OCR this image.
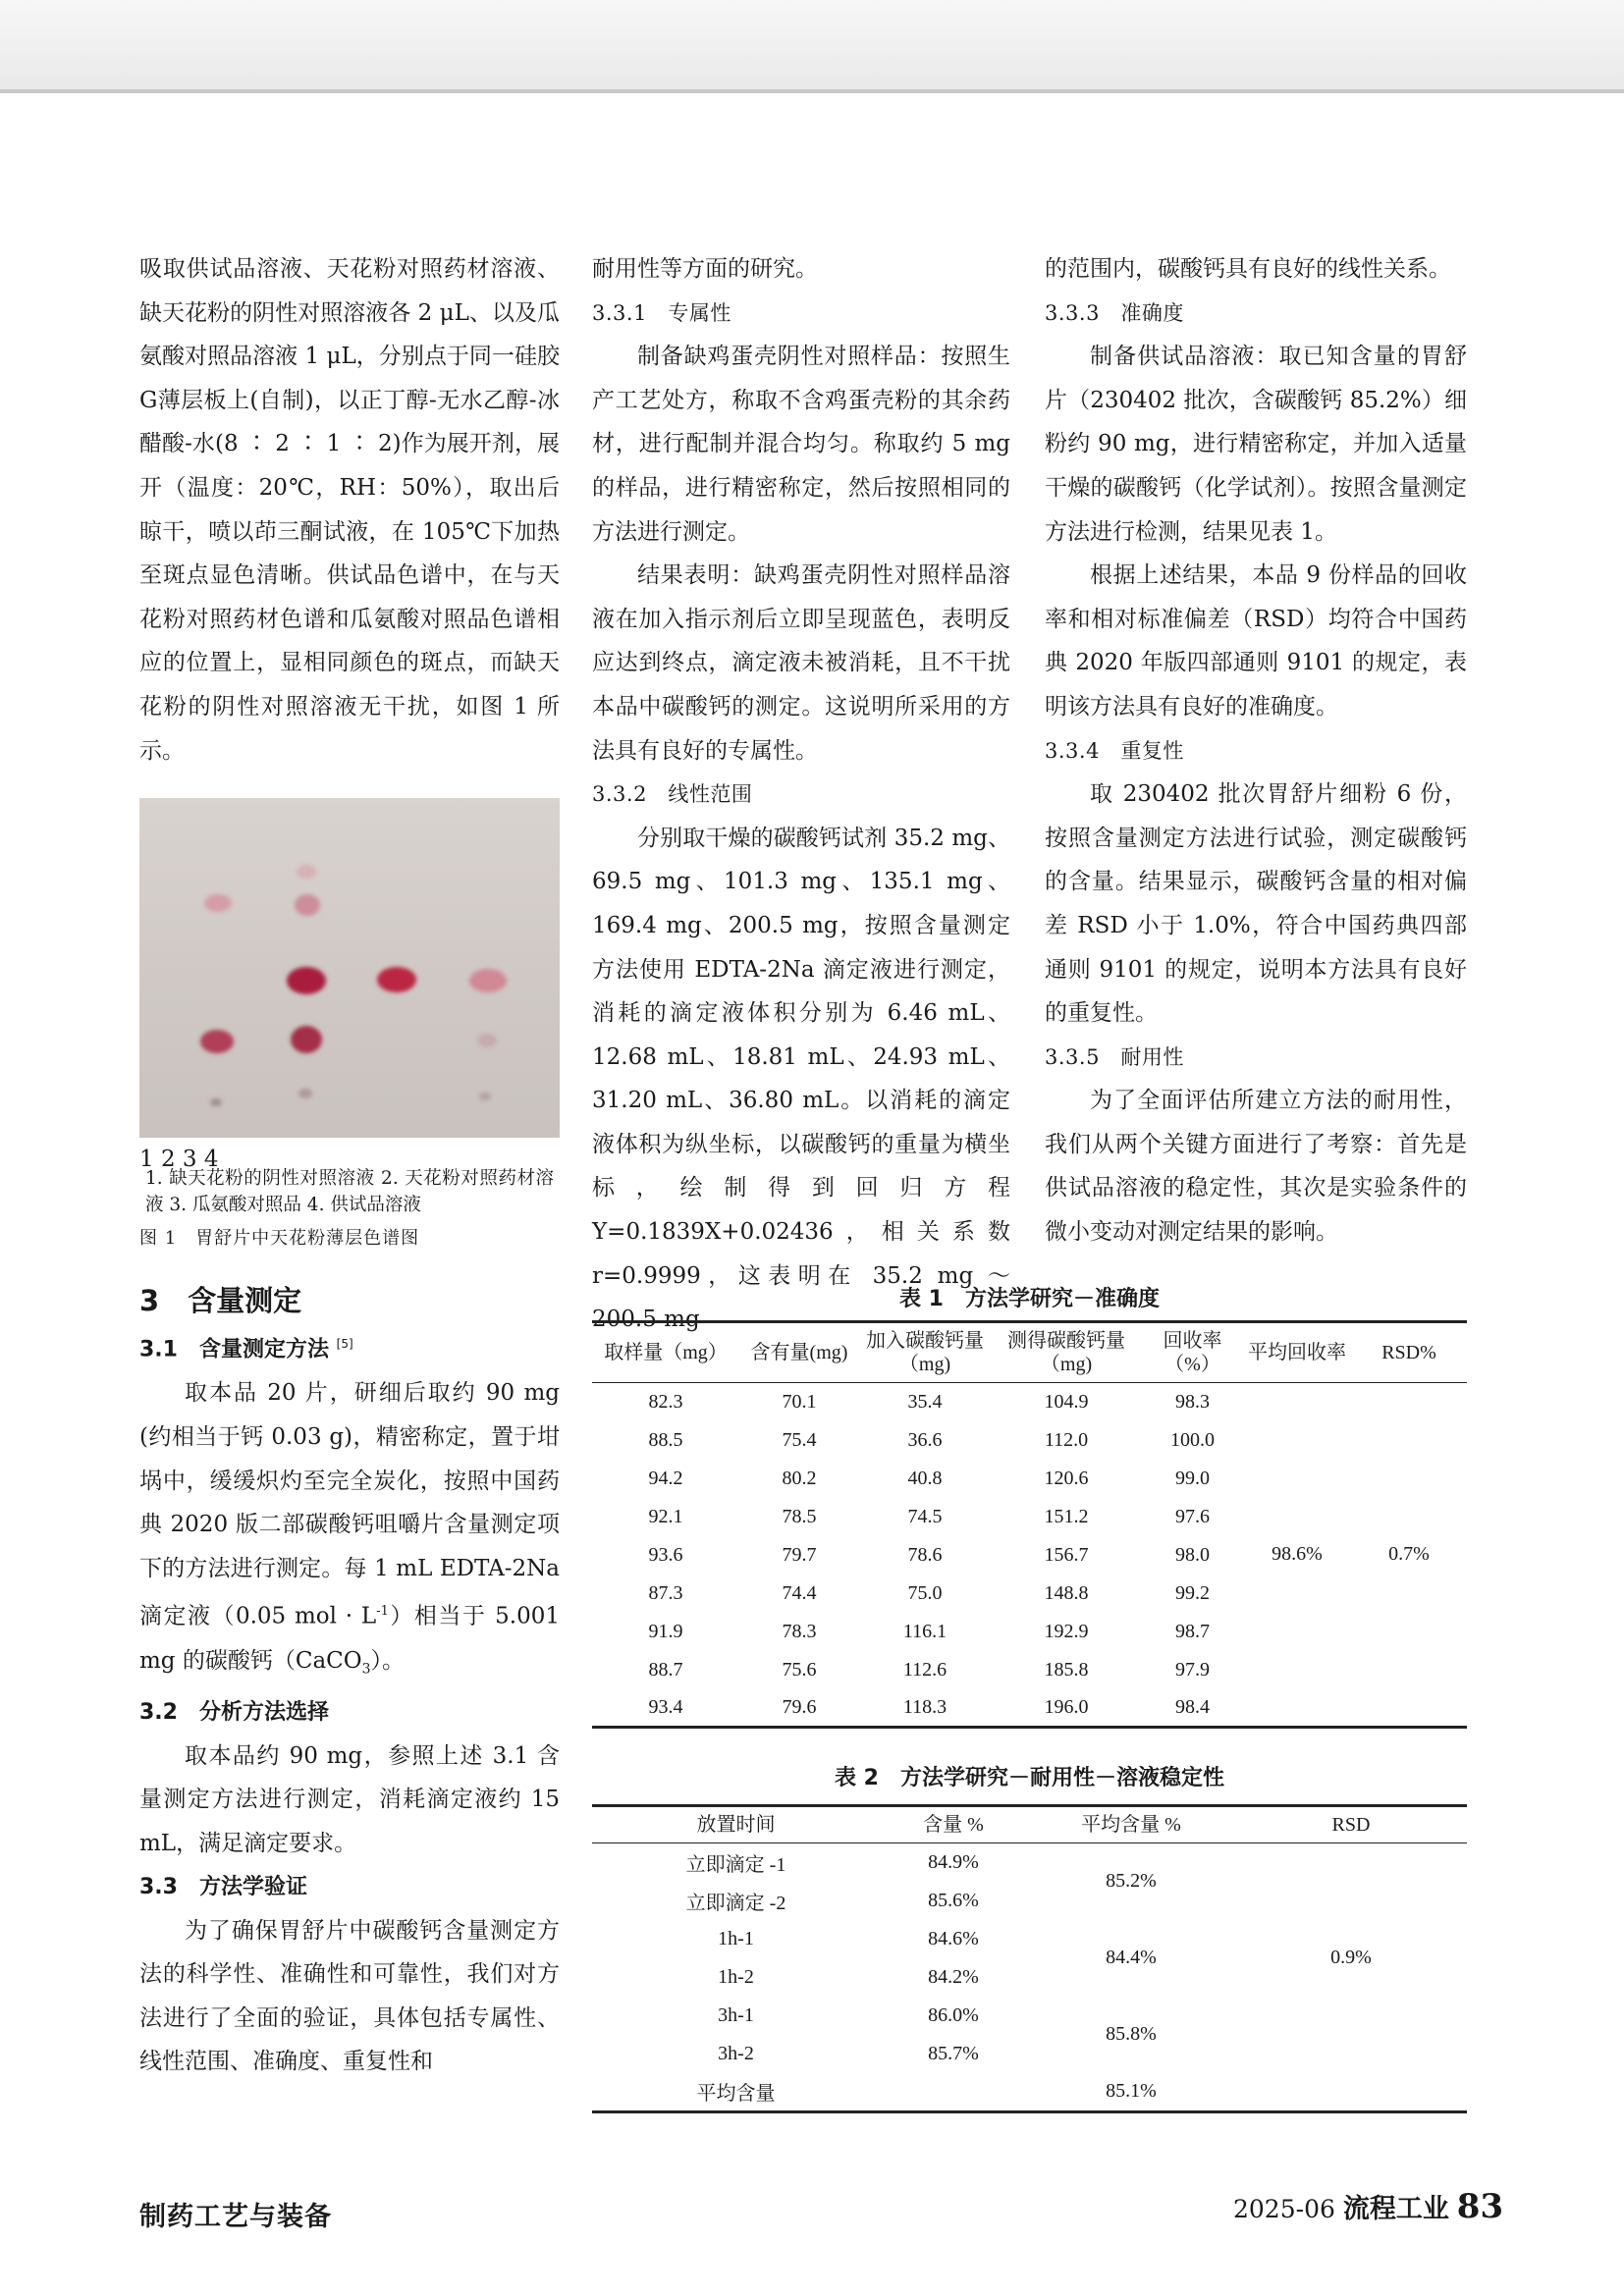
吸取供试品溶液、天花粉对照药材溶液、缺天花粉的阴性对照溶液各 2 μL、以及瓜氨酸对照品溶液 1 μL，分别点于同一硅胶G薄层板上(自制)，以正丁醇-无水乙醇-冰醋酸-水(8 ∶ 2 ∶ 1 ∶ 2)作为展开剂，展开（温度：20℃，RH：50%），取出后晾干，喷以茚三酮试液，在 105℃下加热至斑点显色清晰。供试品色谱中，在与天花粉对照药材色谱和瓜氨酸对照品色谱相应的位置上，显相同颜色的斑点，而缺天花粉的阴性对照溶液无干扰，如图 1 所示。

1 2 3 4

1. 缺天花粉的阴性对照溶液 2. 天花粉对照药材溶液 3. 瓜氨酸对照品 4. 供试品溶液

图 1　胃舒片中天花粉薄层色谱图

3　含量测定
3.1　含量测定方法 [5]

取本品 20 片，研细后取约 90 mg (约相当于钙 0.03 g)，精密称定，置于坩埚中，缓缓炽灼至完全炭化，按照中国药典 2020 版二部碳酸钙咀嚼片含量测定项下的方法进行测定。每 1 mL EDTA-2Na 滴定液（0.05 mol · $L^{-1}$）相当于 5.001 mg 的碳酸钙（CaCO$_3$）。

3.2　分析方法选择

取本品约 90 mg，参照上述 3.1 含量测定方法进行测定，消耗滴定液约 15 mL，满足滴定要求。

3.3　方法学验证

为了确保胃舒片中碳酸钙含量测定方法的科学性、准确性和可靠性，我们对方法进行了全面的验证，具体包括专属性、线性范围、准确度、重复性和

耐用性等方面的研究。

3.3.1　专属性

制备缺鸡蛋壳阴性对照样品：按照生产工艺处方，称取不含鸡蛋壳粉的其余药材，进行配制并混合均匀。称取约 5 mg 的样品，进行精密称定，然后按照相同的方法进行测定。

结果表明：缺鸡蛋壳阴性对照样品溶液在加入指示剂后立即呈现蓝色，表明反应达到终点，滴定液未被消耗，且不干扰本品中碳酸钙的测定。这说明所采用的方法具有良好的专属性。

3.3.2　线性范围

分别取干燥的碳酸钙试剂 35.2 mg、69.5 mg、101.3 mg、135.1 mg、169.4 mg、200.5 mg，按照含量测定方法使用 EDTA-2Na 滴定液进行测定，消耗的滴定液体积分别为 6.46 mL、12.68 mL、18.81 mL、24.93 mL、31.20 mL、36.80 mL。以消耗的滴定液体积为纵坐标，以碳酸钙的重量为横坐标，绘制得到回归方程 Y=0.1839X+0.02436，相关系数 r=0.9999，这表明在 35.2 mg ～ 200.5 mg

的范围内，碳酸钙具有良好的线性关系。

3.3.3　准确度

制备供试品溶液：取已知含量的胃舒片（230402 批次，含碳酸钙 85.2%）细粉约 90 mg，进行精密称定，并加入适量干燥的碳酸钙（化学试剂）。按照含量测定方法进行检测，结果见表 1。

根据上述结果，本品 9 份样品的回收率和相对标准偏差（RSD）均符合中国药典 2020 年版四部通则 9101 的规定，表明该方法具有良好的准确度。

3.3.4　重复性

取 230402 批次胃舒片细粉 6 份，按照含量测定方法进行试验，测定碳酸钙的含量。结果显示，碳酸钙含量的相对偏差 RSD 小于 1.0%，符合中国药典四部通则 9101 的规定，说明本方法具有良好的重复性。

3.3.5　耐用性

为了全面评估所建立方法的耐用性，我们从两个关键方面进行了考察：首先是供试品溶液的稳定性，其次是实验条件的微小变动对测定结果的影响。

表 1　方法学研究－准确度
取样量（mg）	含有量(mg)	加入碳酸钙量（mg)	测得碳酸钙量（mg)	回收率（%）	平均回收率	RSD%
82.3	70.1	35.4	104.9	98.3	98.6%	0.7%
88.5	75.4	36.6	112.0	100.0		
94.2	80.2	40.8	120.6	99.0		
92.1	78.5	74.5	151.2	97.6		
93.6	79.7	78.6	156.7	98.0		
87.3	74.4	75.0	148.8	99.2		
91.9	78.3	116.1	192.9	98.7		
88.7	75.6	112.6	185.8	97.9		
93.4	79.6	118.3	196.0	98.4		
表 2　方法学研究－耐用性－溶液稳定性
放置时间	含量 %	平均含量 %	RSD
立即滴定 -1	84.9%	85.2%	0.9%
立即滴定 -2	85.6%		
1h-1	84.6%	84.4%	
1h-2	84.2%		
3h-1	86.0%	85.8%	
3h-2	85.7%		
平均含量		85.1%	
制药工艺与装备	2025-06 流程工业 83
